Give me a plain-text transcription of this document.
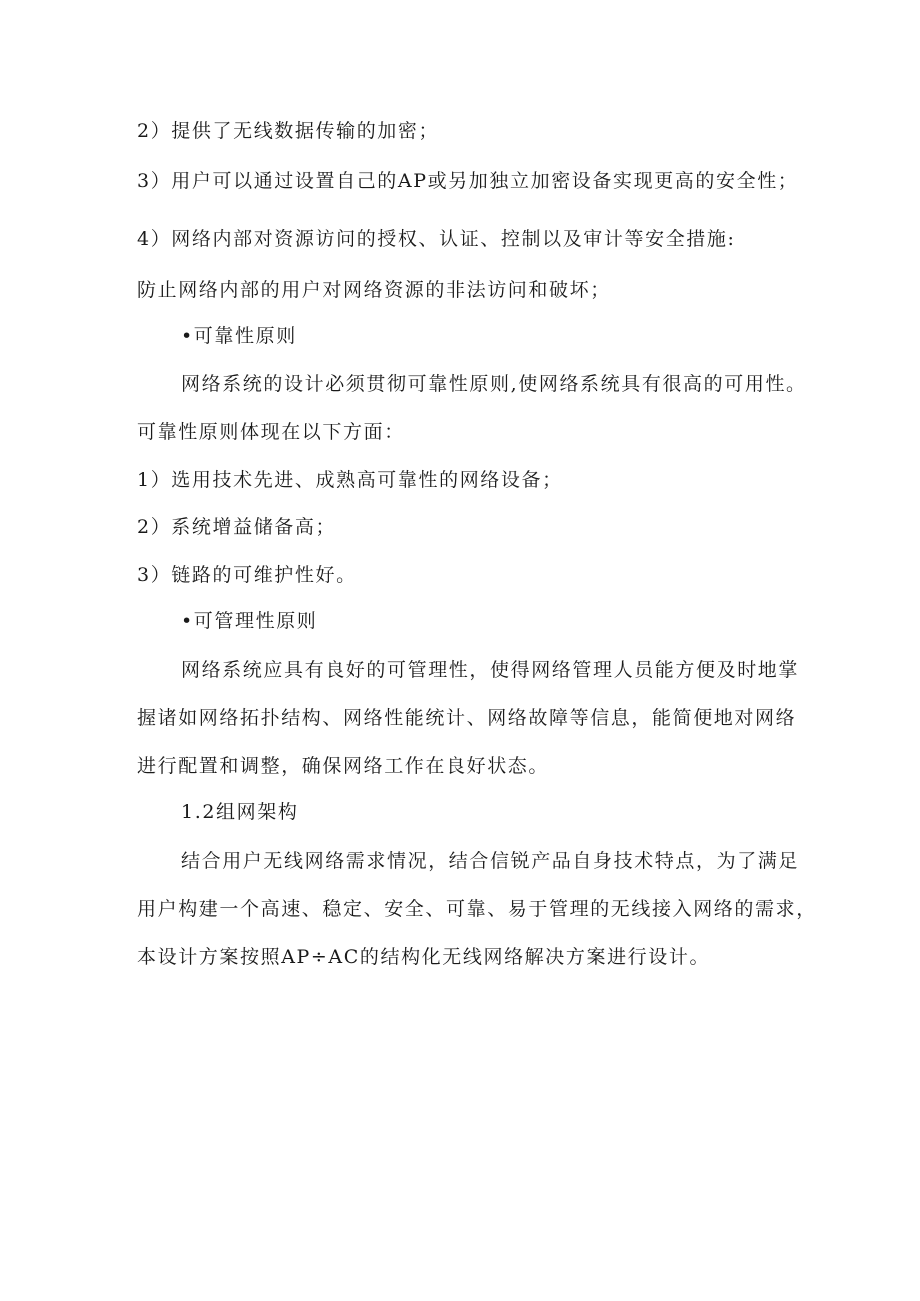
2）提供了无线数据传输的加密；
3）用户可以通过设置自己的AP或另加独立加密设备实现更高的安全性；
4）网络内部对资源访问的授权、认证、控制以及审计等安全措施:
防止网络内部的用户对网络资源的非法访问和破坏；
•可靠性原则
网络系统的设计必须贯彻可靠性原则,使网络系统具有很高的可用性。
可靠性原则体现在以下方面：
1）选用技术先进、成熟高可靠性的网络设备；
2）系统增益储备高；
3）链路的可维护性好。
•可管理性原则
网络系统应具有良好的可管理性，使得网络管理人员能方便及时地掌
握诸如网络拓扑结构、网络性能统计、网络故障等信息，能简便地对网络
进行配置和调整，确保网络工作在良好状态。
1.2组网架构
结合用户无线网络需求情况，结合信锐产品自身技术特点，为了满足
用户构建一个高速、稳定、安全、可靠、易于管理的无线接入网络的需求，
本设计方案按照AP÷AC的结构化无线网络解决方案进行设计。
